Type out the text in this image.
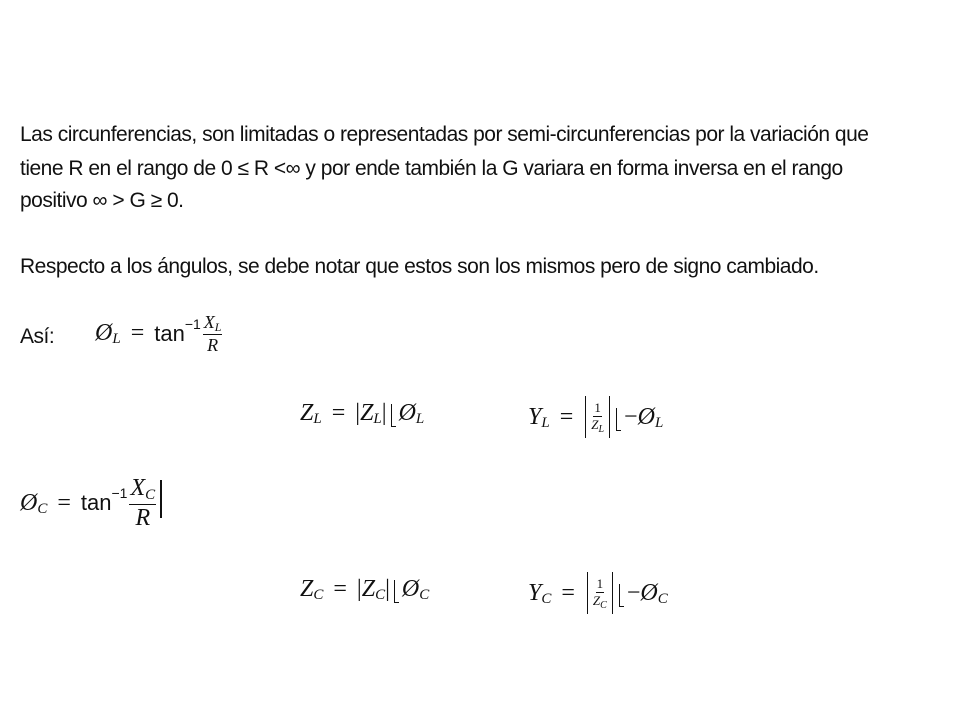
Las circunferencias, son limitadas o representadas por semi-circunferencias por la variación que

tiene R en el rango de 0 ≤ R <∞ y por ende también la G variara en forma inversa en el rango

positivo ∞ > G ≥ 0.

Respecto a los ángulos, se debe notar que estos son los mismos pero de signo cambiado.

Así: Ø $L = \tan -1 \frac{XL}{R}$
Z L = | Z L | Ø L	Y $L = \frac{1}{Z_L}$ − Ø L
Ø $C = \tan -1 \frac{XC}{R}$
Z C = | Z C | Ø C	Y $C = \frac{1}{Z_C}$ − Ø C
